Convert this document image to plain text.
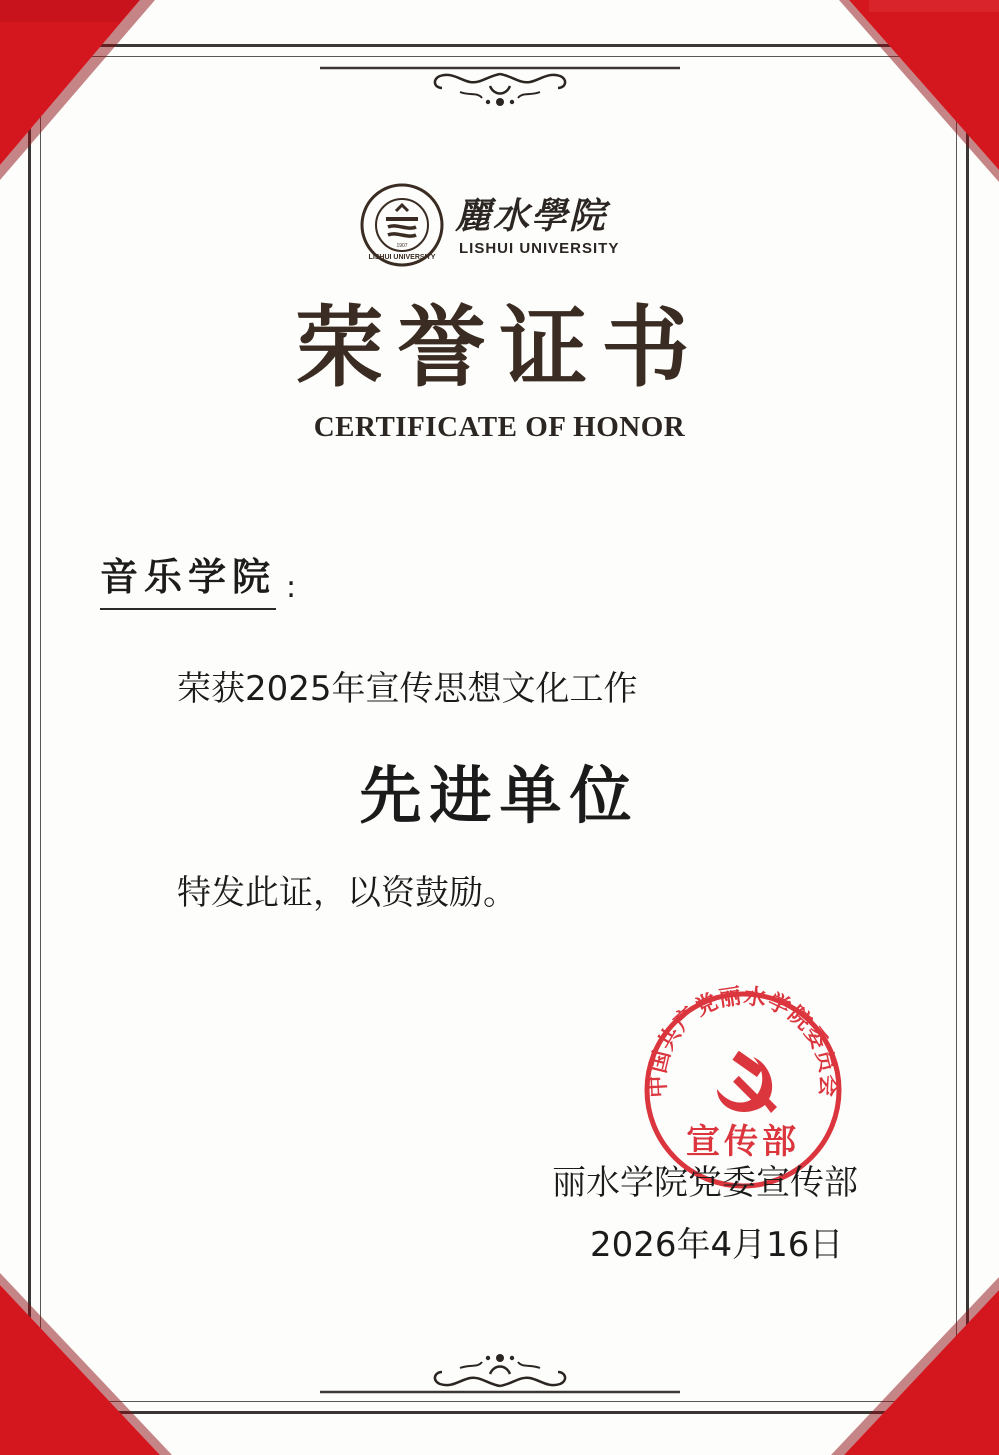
LISHUI UNIVERSITY
1907
麗水學院
LISHUI UNIVERSITY
荣誉证书
CERTIFICATE OF HONOR
音乐学院 :
荣获2025年宣传思想文化工作
先进单位
特发此证，以资鼓励。
中国共产党丽水学院委员会
宣传部
丽水学院党委宣传部
2026年4月16日
